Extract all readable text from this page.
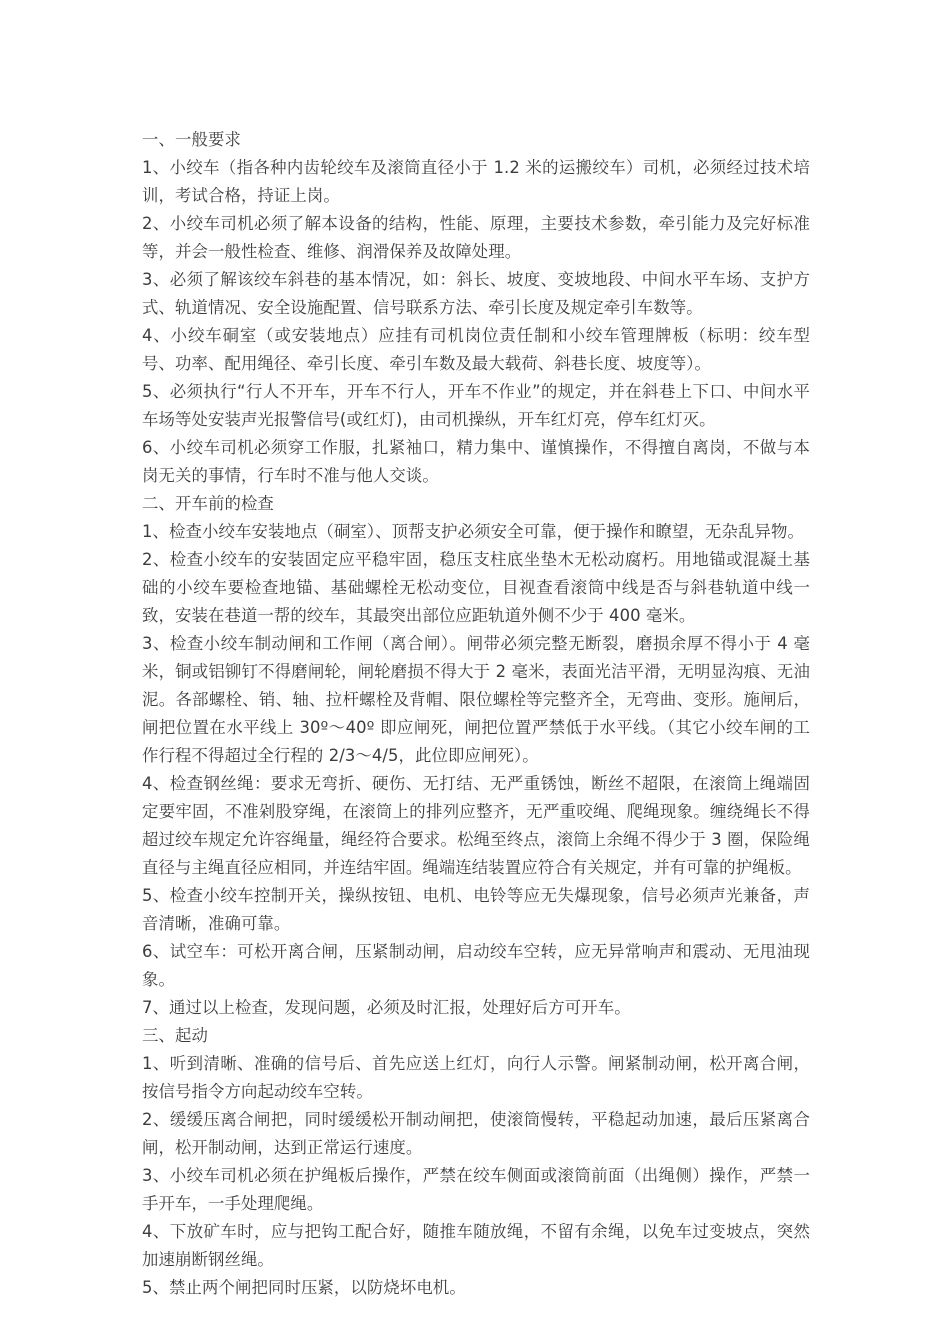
一、一般要求

1、小绞车（指各种内齿轮绞车及滚筒直径小于 1.2 米的运搬绞车）司机，必须经过技术培训，考试合格，持证上岗。

2、小绞车司机必须了解本设备的结构，性能、原理，主要技术参数，牵引能力及完好标准等，并会一般性检查、维修、润滑保养及故障处理。

3、必须了解该绞车斜巷的基本情况，如：斜长、坡度、变坡地段、中间水平车场、支护方式、轨道情况、安全设施配置、信号联系方法、牵引长度及规定牵引车数等。

4、小绞车硐室（或安装地点）应挂有司机岗位责任制和小绞车管理牌板（标明：绞车型号、功率、配用绳径、牵引长度、牵引车数及最大载荷、斜巷长度、坡度等）。

5、必须执行“行人不开车，开车不行人，开车不作业”的规定，并在斜巷上下口、中间水平车场等处安装声光报警信号(或红灯)，由司机操纵，开车红灯亮，停车红灯灭。

6、小绞车司机必须穿工作服，扎紧袖口，精力集中、谨慎操作，不得擅自离岗，不做与本岗无关的事情，行车时不准与他人交谈。

二、开车前的检查

1、检查小绞车安装地点（硐室）、顶帮支护必须安全可靠，便于操作和瞭望，无杂乱异物。

2、检查小绞车的安装固定应平稳牢固，稳压支柱底坐垫木无松动腐朽。用地锚或混凝土基础的小绞车要检查地锚、基础螺栓无松动变位，目视查看滚筒中线是否与斜巷轨道中线一致，安装在巷道一帮的绞车，其最突出部位应距轨道外侧不少于 400 毫米。

3、检查小绞车制动闸和工作闸（离合闸）。闸带必须完整无断裂，磨损余厚不得小于 4 毫米，铜或铝铆钉不得磨闸轮，闸轮磨损不得大于 2 毫米，表面光洁平滑，无明显沟痕、无油泥。各部螺栓、销、轴、拉杆螺栓及背帽、限位螺栓等完整齐全，无弯曲、变形。施闸后，闸把位置在水平线上 30º～40º 即应闸死，闸把位置严禁低于水平线。（其它小绞车闸的工作行程不得超过全行程的 2/3～4/5，此位即应闸死）。

4、检查钢丝绳：要求无弯折、硬伤、无打结、无严重锈蚀，断丝不超限，在滚筒上绳端固定要牢固，不准剁股穿绳，在滚筒上的排列应整齐，无严重咬绳、爬绳现象。缠绕绳长不得超过绞车规定允许容绳量，绳经符合要求。松绳至终点，滚筒上余绳不得少于 3 圈，保险绳直径与主绳直径应相同，并连结牢固。绳端连结装置应符合有关规定，并有可靠的护绳板。

5、检查小绞车控制开关，操纵按钮、电机、电铃等应无失爆现象，信号必须声光兼备，声音清晰，准确可靠。

6、试空车：可松开离合闸，压紧制动闸，启动绞车空转，应无异常响声和震动、无甩油现象。

7、通过以上检查，发现问题，必须及时汇报，处理好后方可开车。

三、起动

1、听到清晰、准确的信号后、首先应送上红灯，向行人示警。闸紧制动闸，松开离合闸，按信号指令方向起动绞车空转。

2、缓缓压离合闸把，同时缓缓松开制动闸把，使滚筒慢转，平稳起动加速，最后压紧离合闸，松开制动闸，达到正常运行速度。

3、小绞车司机必须在护绳板后操作，严禁在绞车侧面或滚筒前面（出绳侧）操作，严禁一手开车，一手处理爬绳。

4、下放矿车时，应与把钩工配合好，随推车随放绳，不留有余绳，以免车过变坡点，突然加速崩断钢丝绳。

5、禁止两个闸把同时压紧，以防烧坏电机。
